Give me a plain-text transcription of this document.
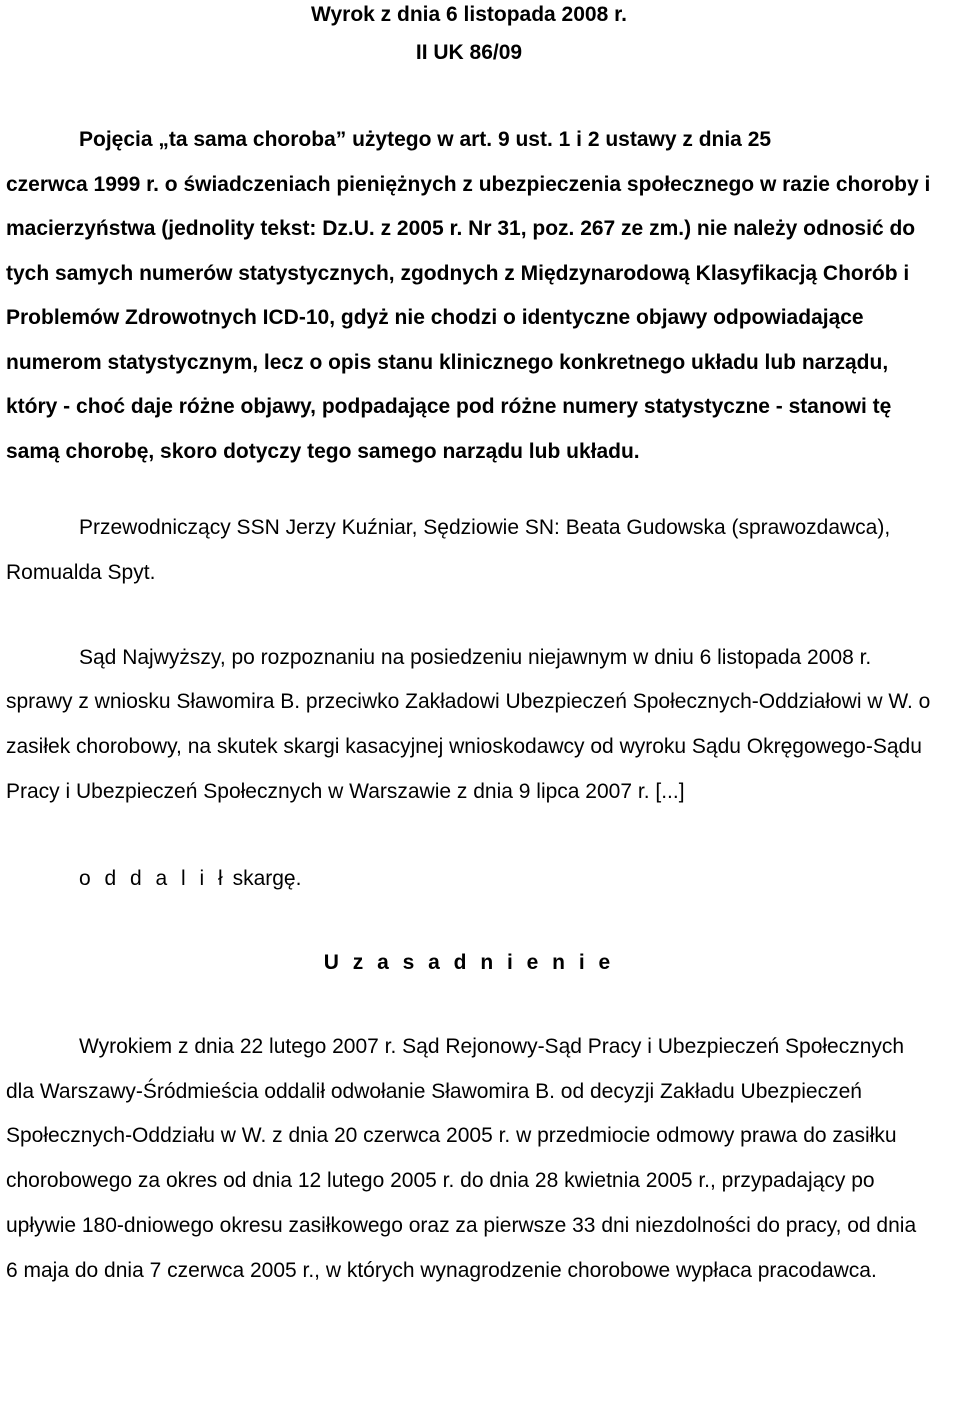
Wyrok z dnia 6 listopada 2008 r.
II UK 86/09
Pojęcia „ta sama choroba” użytego w art. 9 ust. 1 i 2 ustawy z dnia 25
czerwca 1999 r. o świadczeniach pieniężnych z ubezpieczenia społecznego w razie choroby i macierzyństwa (jednolity tekst: Dz.U. z 2005 r. Nr 31, poz. 267 ze zm.) nie należy odnosić do tych samych numerów statystycznych, zgodnych z Międzynarodową Klasyfikacją Chorób i Problemów Zdrowotnych ICD-10, gdyż nie chodzi o identyczne objawy odpowiadające numerom statystycznym, lecz o opis stanu klinicznego konkretnego układu lub narządu, który - choć daje różne objawy, podpadające pod różne numery statystyczne - stanowi tę samą chorobę, skoro dotyczy tego samego narządu lub układu.

Przewodniczący SSN Jerzy Kuźniar, Sędziowie SN: Beata Gudowska (sprawozdawca), Romualda Spyt.

Sąd Najwyższy, po rozpoznaniu na posiedzeniu niejawnym w dniu 6 listopada 2008 r. sprawy z wniosku Sławomira B. przeciwko Zakładowi Ubezpieczeń Społecznych-Oddziałowi w W. o zasiłek chorobowy, na skutek skargi kasacyjnej wnioskodawcy od wyroku Sądu Okręgowego-Sądu Pracy i Ubezpieczeń Społecznych w Warszawie z dnia 9 lipca 2007 r. [...]

o d d a l i ł skargę.
U z a s a d n i e n i e

Wyrokiem z dnia 22 lutego 2007 r. Sąd Rejonowy-Sąd Pracy i Ubezpieczeń Społecznych dla Warszawy-Śródmieścia oddalił odwołanie Sławomira B. od decyzji Zakładu Ubezpieczeń Społecznych-Oddziału w W. z dnia 20 czerwca 2005 r. w przedmiocie odmowy prawa do zasiłku chorobowego za okres od dnia 12 lutego 2005 r. do dnia 28 kwietnia 2005 r., przypadający po upływie 180-dniowego okresu zasiłkowego oraz za pierwsze 33 dni niezdolności do pracy, od dnia 6 maja do dnia 7 czerwca 2005 r., w których wynagrodzenie chorobowe wypłaca pracodawca.
